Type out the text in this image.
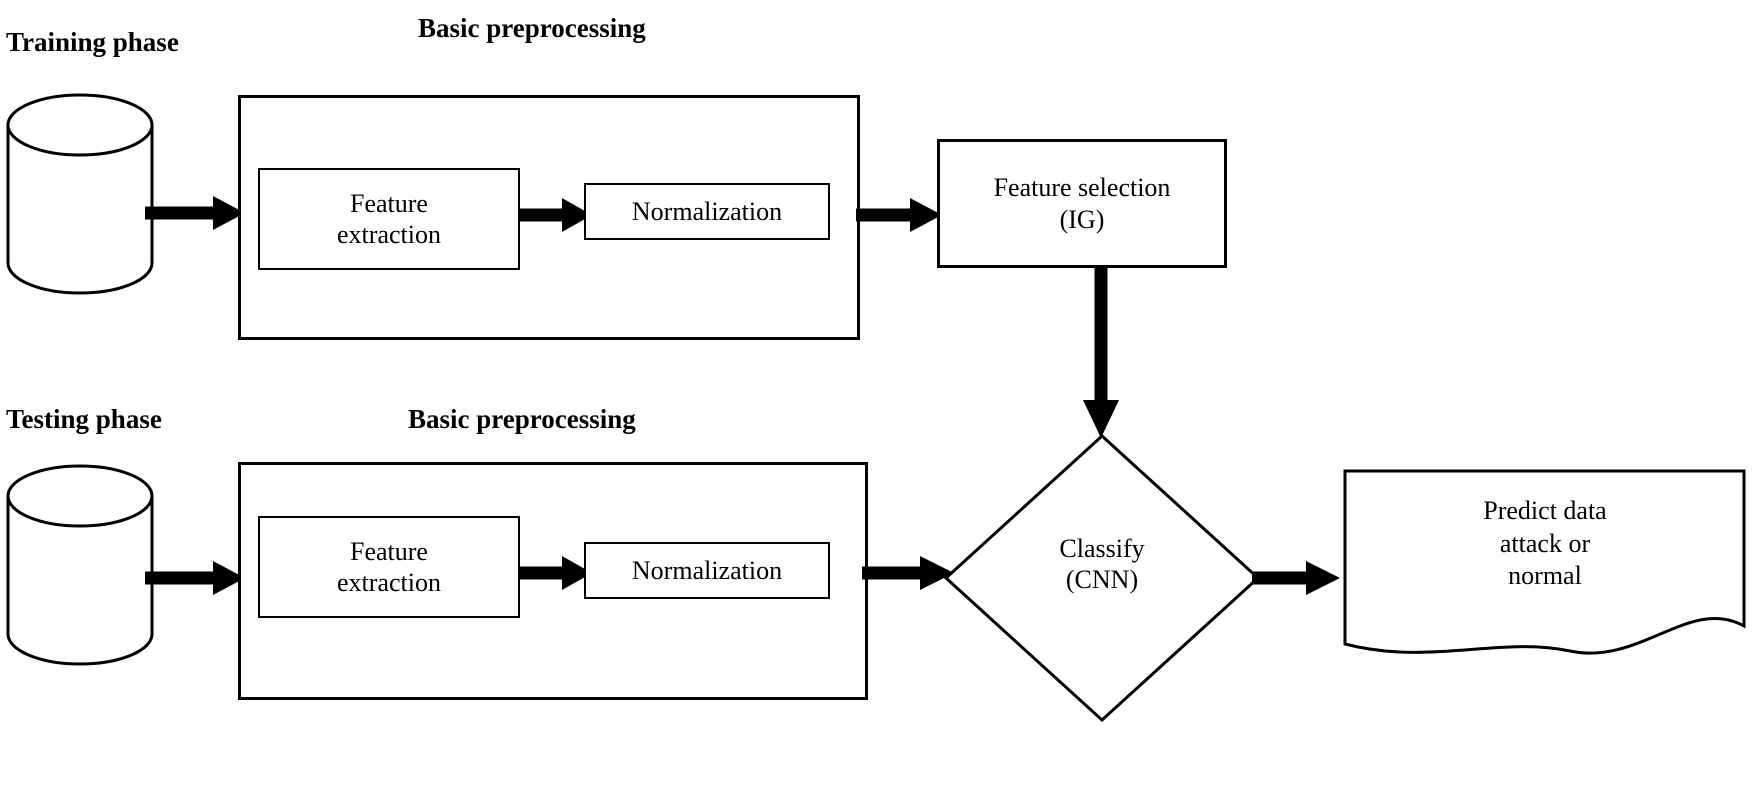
Training phase	Basic preprocessing
Feature
extraction
Normalization
Feature selection
(IG)
Testing phase	Basic preprocessing
Feature
extraction	Normalization
Classify
(CNN)
Predict data
attack or
normal
